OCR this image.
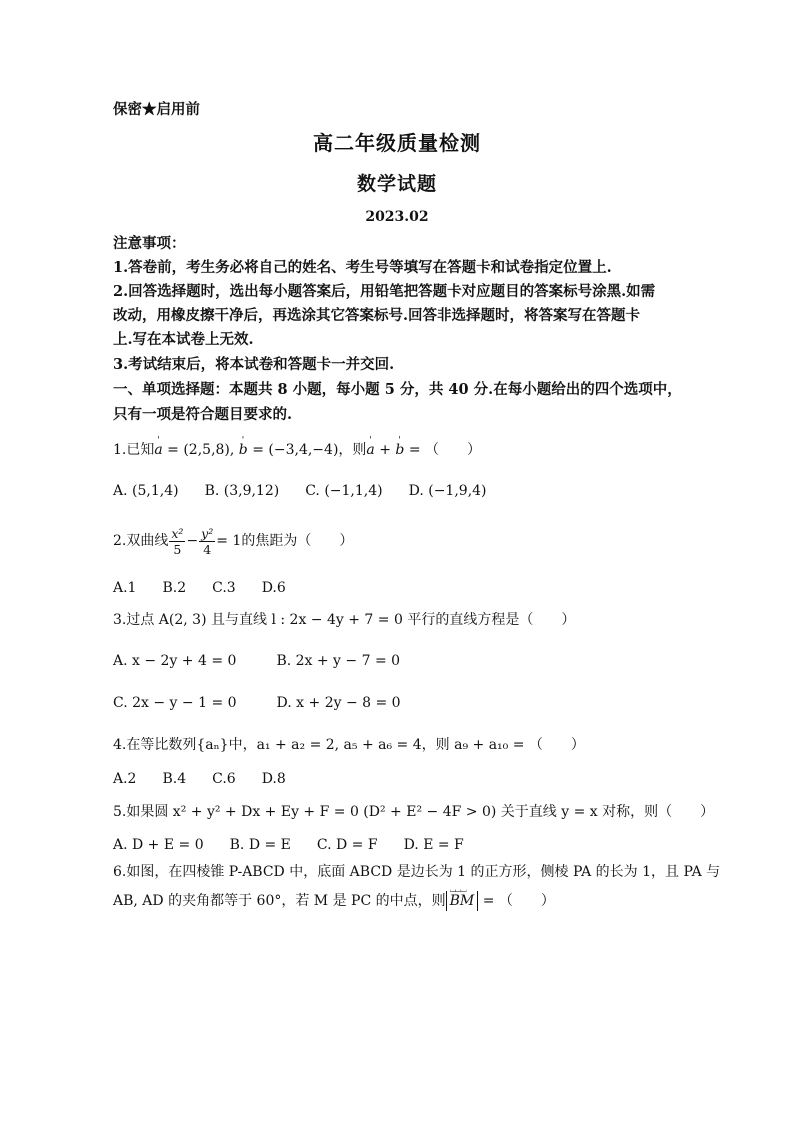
保密★启用前
高二年级质量检测
数学试题
2023.02
注意事项：
1.答卷前，考生务必将自己的姓名、考生号等填写在答题卡和试卷指定位置上.
2.回答选择题时，选出每小题答案后，用铅笔把答题卡对应题目的答案标号涂黑.如需
改动，用橡皮擦干净后，再选涂其它答案标号.回答非选择题时，将答案写在答题卡
上.写在本试卷上无效.
3.考试结束后，将本试卷和答题卡一并交回.
一、单项选择题：本题共 8 小题，每小题 5 分，共 40 分.在每小题给出的四个选项中，
只有一项是符合题目要求的.
1.已知' a = (2,5,8), ' b = (−3,4,−4)，则' a + ' b = （　　）
A. (5,1,4) B. (3,9,12) C. (−1,1,4) D. (−1,9,4)
2.双曲线 $\frac{\text{x²}}{5} - \frac{\text{y²}}{4} = 1$ 的焦距为（　　）
A.1 B.2 C.3 D.6
3.过点 A(2, 3) 且与直线 l : 2x − 4y + 7 = 0 平行的直线方程是（　　）
A. x − 2y + 4 = 0	B. 2x + y − 7 = 0
C. 2x − y − 1 = 0	D. x + 2y − 8 = 0
4.在等比数列{aₙ}中，a₁ + a₂ = 2, a₅ + a₆ = 4，则 a₉ + a₁₀ = （　　）
A.2 B.4 C.6 D.8
5.如果圆 x² + y² + Dx + Ey + F = 0 (D² + E² − 4F > 0) 关于直线 y = x 对称，则（　　）
A. D + E = 0 B. D = E C. D = F D. E = F
6.如图，在四棱锥 P-ABCD 中，底面 ABCD 是边长为 1 的正方形，侧棱 PA 的长为 1，且 PA 与
AB, AD 的夹角都等于 60°，若 M 是 PC 的中点，则⌴⌴⌴ BM = （　　）
